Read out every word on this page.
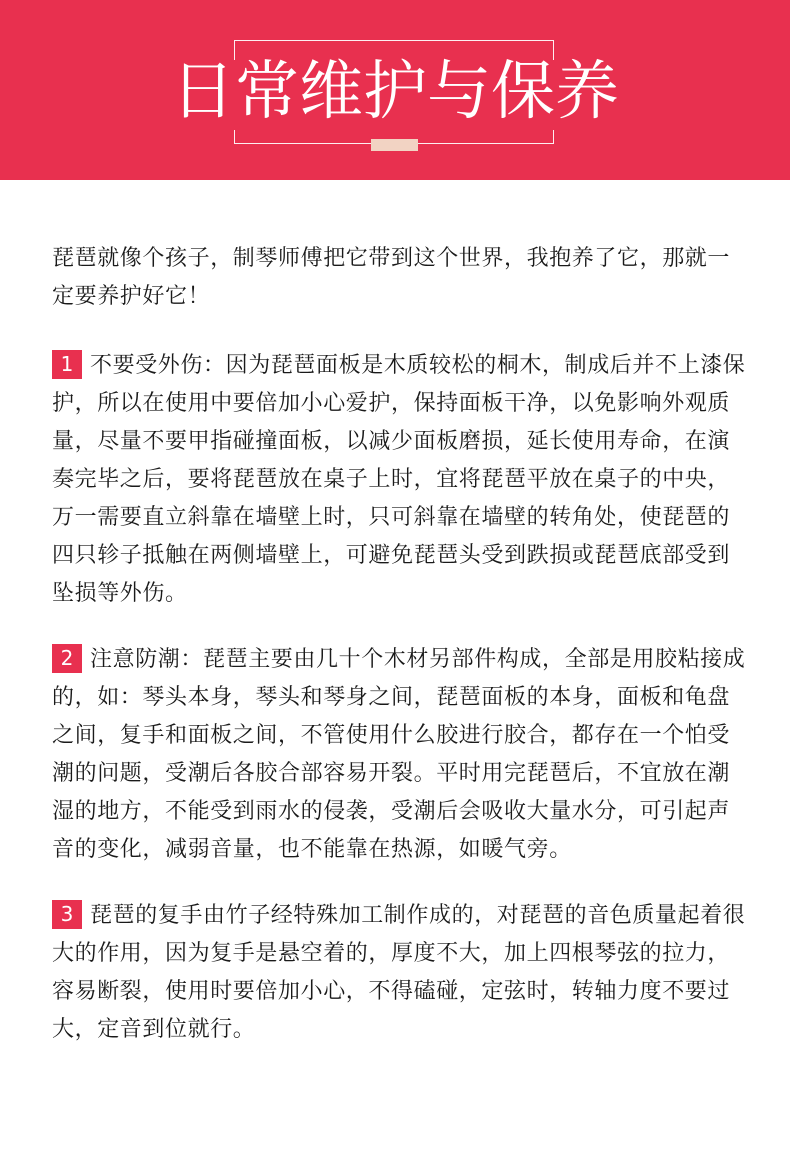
日常维护与保养

琵琶就像个孩子，制琴师傅把它带到这个世界，我抱养了它，那就一定要养护好它！

1 不要受外伤：因为琵琶面板是木质较松的桐木，制成后并不上漆保护，所以在使用中要倍加小心爱护，保持面板干净，以免影响外观质量，尽量不要甲指碰撞面板，以减少面板磨损，延长使用寿命，在演奏完毕之后，要将琵琶放在桌子上时，宜将琵琶平放在桌子的中央，万一需要直立斜靠在墙壁上时，只可斜靠在墙壁的转角处，使琵琶的四只轸子抵触在两侧墙壁上，可避免琵琶头受到跌损或琵琶底部受到坠损等外伤。

2 注意防潮：琵琶主要由几十个木材另部件构成，全部是用胶粘接成的，如：琴头本身，琴头和琴身之间，琵琶面板的本身，面板和龟盘之间，复手和面板之间，不管使用什么胶进行胶合，都存在一个怕受潮的问题，受潮后各胶合部容易开裂。平时用完琵琶后，不宜放在潮湿的地方，不能受到雨水的侵袭，受潮后会吸收大量水分，可引起声音的变化，减弱音量，也不能靠在热源，如暖气旁。

3 琵琶的复手由竹子经特殊加工制作成的，对琵琶的音色质量起着很大的作用，因为复手是悬空着的，厚度不大，加上四根琴弦的拉力，容易断裂，使用时要倍加小心，不得磕碰，定弦时，转轴力度不要过大，定音到位就行。
